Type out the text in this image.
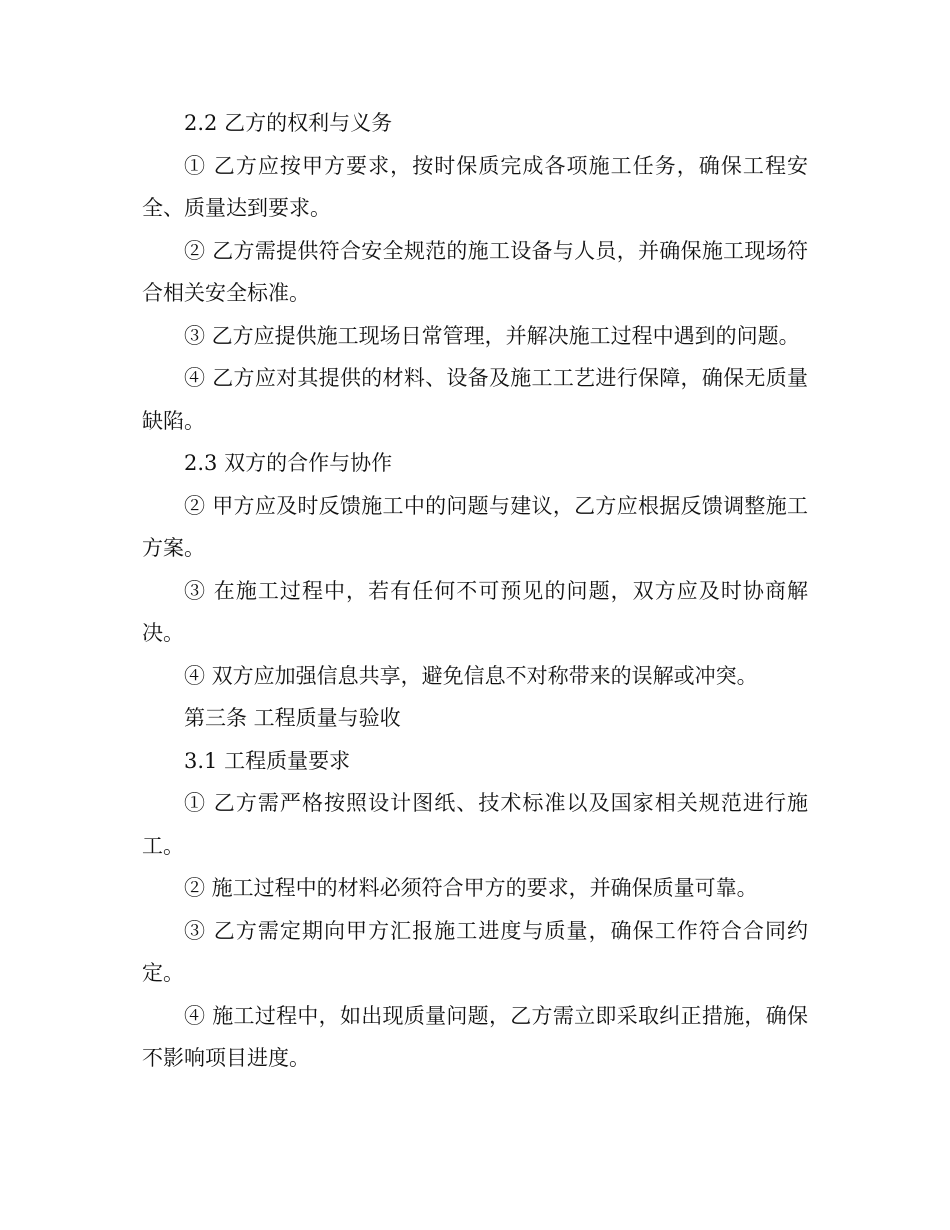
2.2 乙方的权利与义务

① 乙方应按甲方要求，按时保质完成各项施工任务，确保工程安全、质量达到要求。

② 乙方需提供符合安全规范的施工设备与人员，并确保施工现场符合相关安全标准。

③ 乙方应提供施工现场日常管理，并解决施工过程中遇到的问题。

④ 乙方应对其提供的材料、设备及施工工艺进行保障，确保无质量缺陷。

2.3 双方的合作与协作

② 甲方应及时反馈施工中的问题与建议，乙方应根据反馈调整施工方案。

③ 在施工过程中，若有任何不可预见的问题，双方应及时协商解决。

④ 双方应加强信息共享，避免信息不对称带来的误解或冲突。

第三条 工程质量与验收

3.1 工程质量要求

① 乙方需严格按照设计图纸、技术标准以及国家相关规范进行施工。

② 施工过程中的材料必须符合甲方的要求，并确保质量可靠。

③ 乙方需定期向甲方汇报施工进度与质量，确保工作符合合同约定。

④ 施工过程中，如出现质量问题，乙方需立即采取纠正措施，确保不影响项目进度。
